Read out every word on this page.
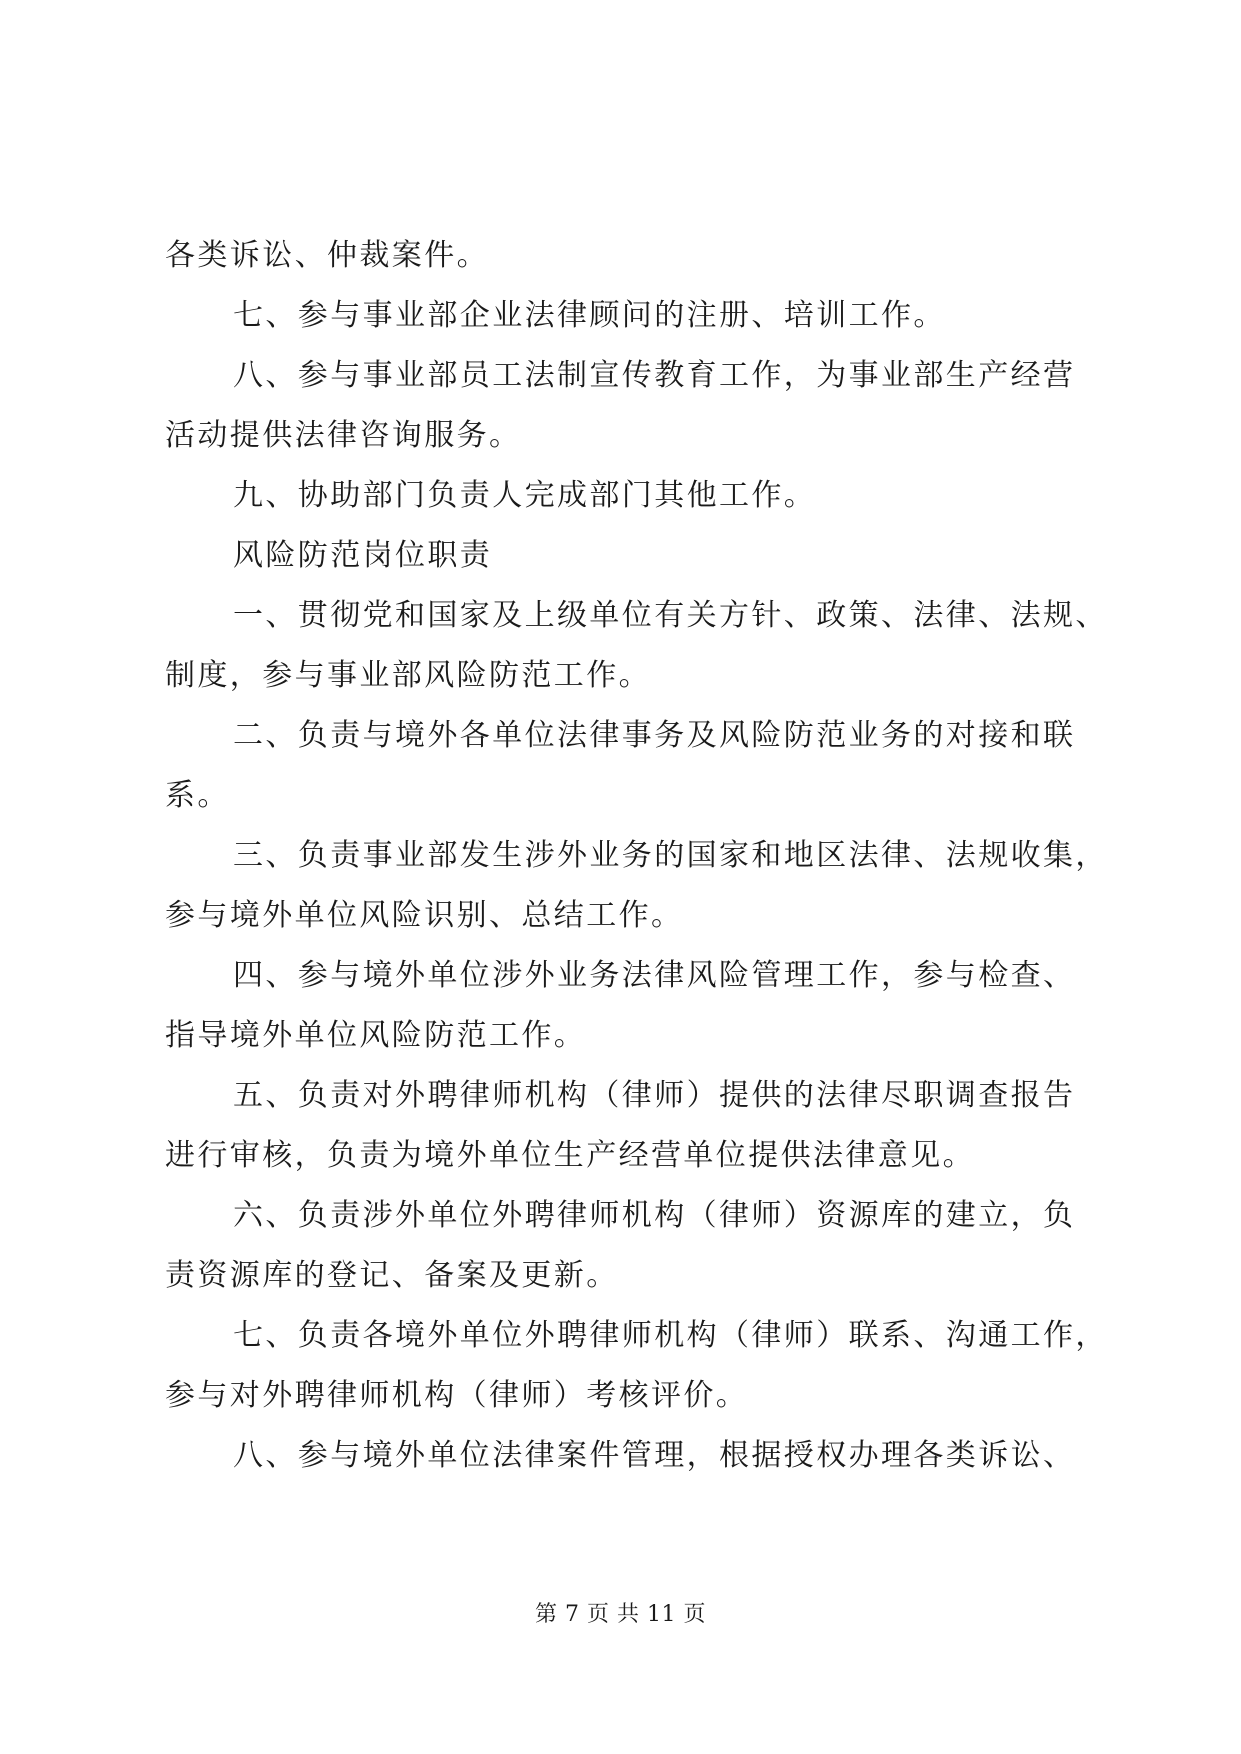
各类诉讼、仲裁案件。
七、参与事业部企业法律顾问的注册、培训工作。
八、参与事业部员工法制宣传教育工作，为事业部生产经营
活动提供法律咨询服务。
九、协助部门负责人完成部门其他工作。
风险防范岗位职责
一、贯彻党和国家及上级单位有关方针、政策、法律、法规、
制度，参与事业部风险防范工作。
二、负责与境外各单位法律事务及风险防范业务的对接和联
系。
三、负责事业部发生涉外业务的国家和地区法律、法规收集，
参与境外单位风险识别、总结工作。
四、参与境外单位涉外业务法律风险管理工作，参与检查、
指导境外单位风险防范工作。
五、负责对外聘律师机构（律师）提供的法律尽职调查报告
进行审核，负责为境外单位生产经营单位提供法律意见。
六、负责涉外单位外聘律师机构（律师）资源库的建立，负
责资源库的登记、备案及更新。
七、负责各境外单位外聘律师机构（律师）联系、沟通工作，
参与对外聘律师机构（律师）考核评价。
八、参与境外单位法律案件管理，根据授权办理各类诉讼、
第 7 页 共 11 页
